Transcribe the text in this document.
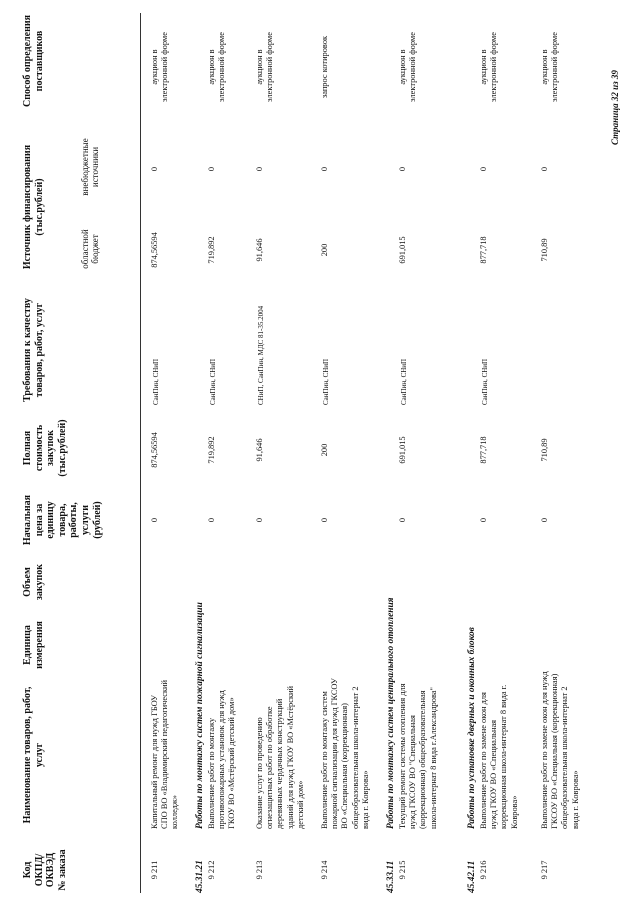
Код ОКПД/ ОКВЭД № заказа
Наименование товаров, работ, услуг
Единица измерения
Объем закупок
Начальная цена за единицу товара, работы, услуги (рублей)
Полная стоимость закупок (тыс.рублей)
Требования к качеству товаров, работ, услуг
Источник финансирования (тыс.рублей)
областной бюджет
внебюджетные источники
Способ определения поставщиков
9 211
Капитальный ремонт для нужд ГБОУ СПО ВО «Владимирский педагогический колледж»
0
874,56594
СанПин, СНиП
874,56594
0
аукцион в электронной форме
45.31.21
Работы по монтажу систем пожарной сигнализации
9 212
Выполнение работ по монтажу противопожарных установок для нужд ГКОУ ВО «Мстёрский детский дом»
0
719,892
СанПин, СНиП
719,892
0
аукцион в электронной форме
9 213
Оказание услуг по проведению огнезащитных работ по обработке деревянных чердачных конструкций зданий для нужд ГКОУ ВО «Мстёрский детский дом»
0
91,646
СНиП, СанПин, МДС 81-35.2004
91,646
0
аукцион в электронной форме
9 214
Выполнение работ по монтажу систем пожарной сигнализации для нужд ГКСОУ ВО «Специальная (коррекционная) общеобразовательная школа-интернат 2 вида г. Коврова»
0
200
СанПин, СНиП
200
0
запрос котировок
45.33.11
Работы по монтажу систем центрального отопления
9 215
Текущий ремонт системы отопления для нужд ГКСОУ ВО "Специальная (коррекционная) общеобразовательная школа-интернат 8 вида г.Александрова"
0
691,015
СанПин, СНиП
691,015
0
аукцион в электронной форме
45.42.11
Работы по установке дверных и оконных блоков
9 216
Выполнение работ по замене окон для нужд ГКОУ ВО «Специальная коррекционная школа-интернат 8 вида г. Коврова»
0
877,718
СанПин, СНиП
877,718
0
аукцион в электронной форме
9 217
Выполнение работ по замене окон для нужд ГКСОУ ВО «Специальная (коррекционная) общеобразовательная школа-интернат 2 вида г. Коврова»
0
710,89
710,89
0
аукцион в электронной форме
Страница 32 из 39
